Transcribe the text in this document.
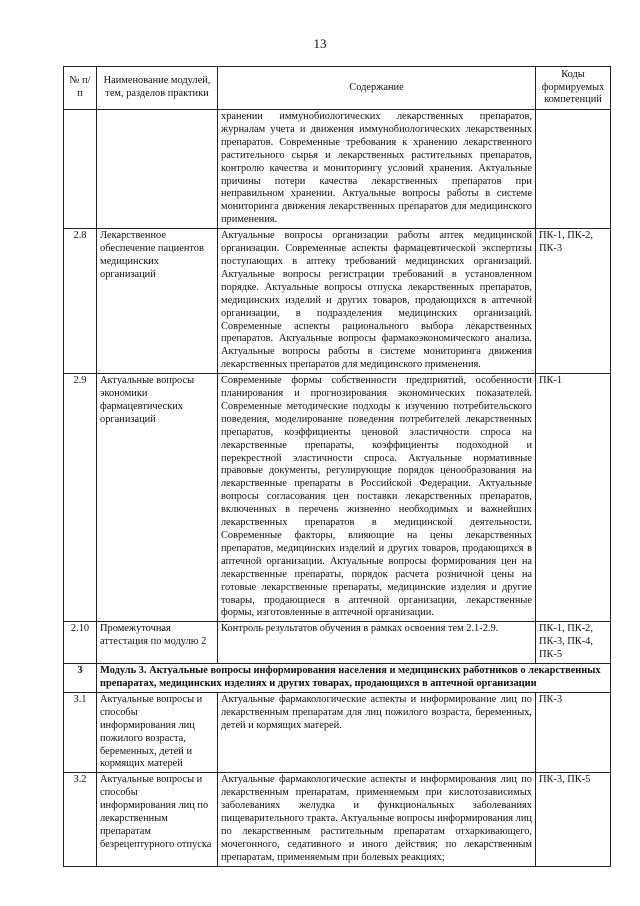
13
№ п/п	Наименование модулей, тем, разделов практики	Содержание	Коды формируемых компетенций
		хранении иммунобиологических лекарственных препаратов, журналам учета и движения иммунобиологических лекарственных препаратов. Современные требования к хранению лекарственного растительного сырья и лекарственных растительных препаратов, контролю качества и мониторингу условий хранения. Актуальные причины потери качества лекарственных препаратов при неправильном хранении. Актуальные вопросы работы в системе мониторинга движения лекарственных препаратов для медицинского применения.	
2.8	Лекарственное обеспечение пациентов медицинских организаций	Актуальные вопросы организации работы аптек медицинской организации. Современные аспекты фармацевтической экспертизы поступающих в аптеку требований медицинских организаций. Актуальные вопросы регистрации требований в установленном порядке. Актуальные вопросы отпуска лекарственных препаратов, медицинских изделий и других товаров, продающихся в аптечной организации, в подразделения медицинских организаций. Современные аспекты рационального выбора лекарственных препаратов. Актуальные вопросы фармакоэкономического анализа. Актуальные вопросы работы в системе мониторинга движения лекарственных препаратов для медицинского применения.	ПК-1, ПК-2, ПК-3
2.9	Актуальные вопросы экономики фармацевтических организаций	Современные формы собственности предприятий, особенности планирования и прогнозирования экономических показателей. Современные методические подходы к изучению потребительского поведения, моделирование поведения потребителей лекарственных препаратов, коэффициенты ценовой эластичности спроса на лекарственные препараты, коэффициенты подоходной и перекрестной эластичности спроса. Актуальные нормативные правовые документы, регулирующие порядок ценообразования на лекарственные препараты в Российской Федерации. Актуальные вопросы согласования цен поставки лекарственных препаратов, включенных в перечень жизненно необходимых и важнейших лекарственных препаратов в медицинской деятельности. Современные факторы, влияющие на цены лекарственных препаратов, медицинских изделий и других товаров, продающихся в аптечной организации. Актуальные вопросы формирования цен на лекарственные препараты, порядок расчета розничной цены на готовые лекарственные препараты, медицинские изделия и другие товары, продающиеся в аптечной организации, лекарственные формы, изготовленные в аптечной организации.	ПК-1
2.10	Промежуточная аттестация по модулю 2	Контроль результатов обучения в рамках освоения тем 2.1-2.9.	ПК-1, ПК-2, ПК-3, ПК-4, ПК-5
3	Модуль 3. Актуальные вопросы информирования населения и медицинских работников о лекарственных препаратах, медицинских изделиях и других товарах, продающихся в аптечной организации		
3.1	Актуальные вопросы и способы информирования лиц пожилого возраста, беременных, детей и кормящих матерей	Актуальные фармакологические аспекты и информирование лиц по лекарственным препаратам для лиц пожилого возраста, беременных, детей и кормящих матерей.	ПК-3
3.2	Актуальные вопросы и способы информирования лиц по лекарственным препаратам безрецептурного отпуска	Актуальные фармакологические аспекты и информирования лиц по лекарственным препаратам, применяемым при кислотозависимых заболеваниях желудка и функциональных заболеваниях пищеварительного тракта. Актуальные вопросы информирования лиц по лекарственным растительным препаратам отхаркивающего, мочегонного, седативного и иного действия; по лекарственным препаратам, применяемым при болевых реакциях;	ПК-3, ПК-5
